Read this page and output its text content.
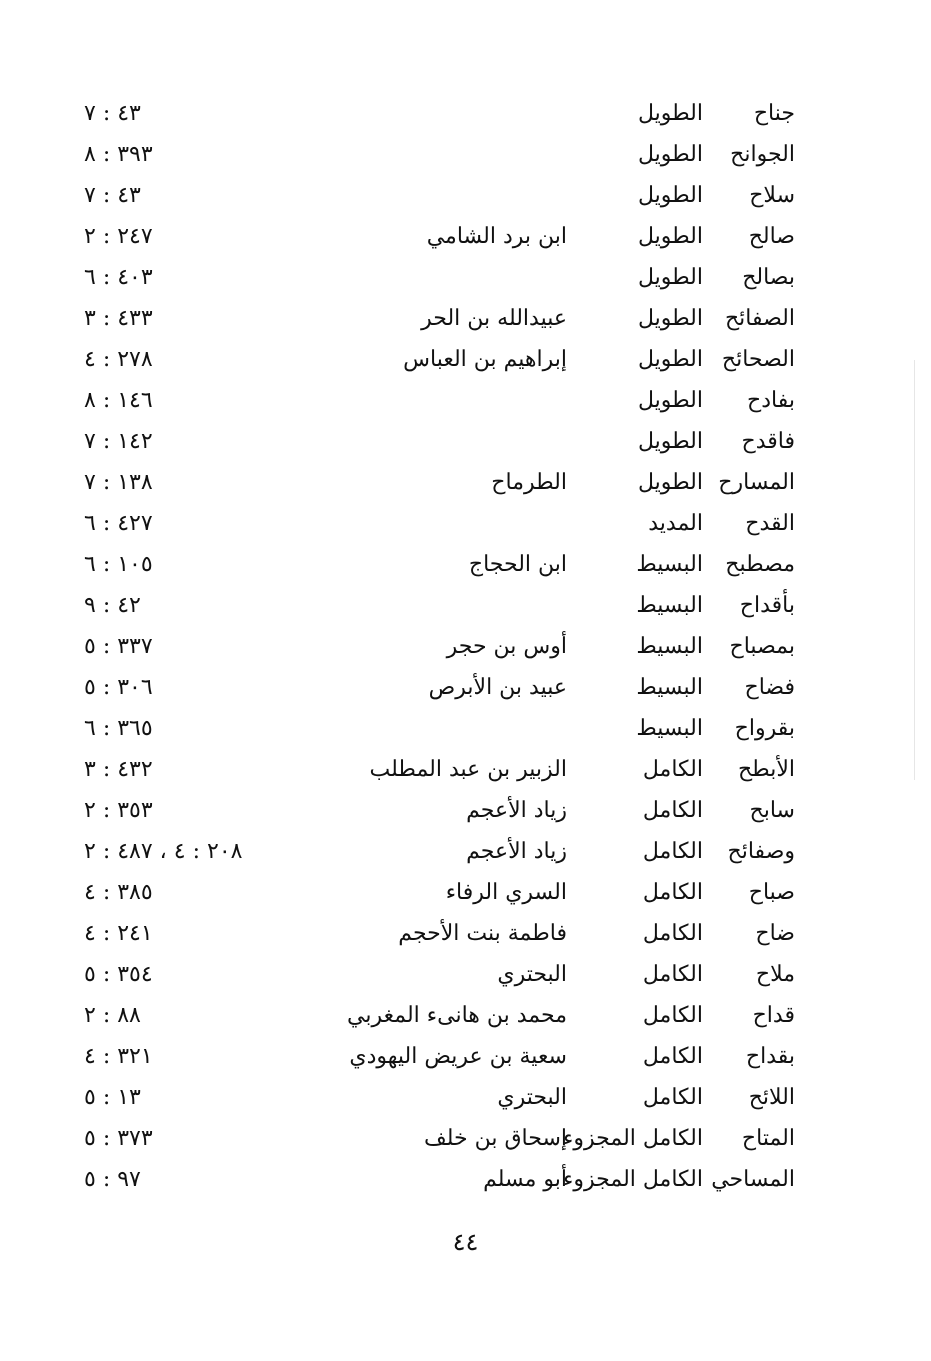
جناح
الطويل
٤٣ : ٧
الجوانح
الطويل
٣٩٣ : ٨
سلاح
الطويل
٤٣ : ٧
صالح
الطويل
ابن برد الشامي
٢٤٧ : ٢
بصالح
الطويل
٤٠٣ : ٦
الصفائح
الطويل
عبيدالله بن الحر
٤٣٣ : ٣
الصحائح
الطويل
إبراهيم بن العباس
٢٧٨ : ٤
بفادح
الطويل
١٤٦ : ٨
فاقدح
الطويل
١٤٢ : ٧
المسارح
الطويل
الطرماح
١٣٨ : ٧
القدح
المديد
٤٢٧ : ٦
مصطبح
البسيط
ابن الحجاج
١٠٥ : ٦
بأقداح
البسيط
٤٢ : ٩
بمصباح
البسيط
أوس بن حجر
٣٣٧ : ٥
فضاح
البسيط
عبيد بن الأبرص
٣٠٦ : ٥
بقرواح
البسيط
٣٦٥ : ٦
الأبطح
الكامل
الزبير بن عبد المطلب
٤٣٢ : ٣
سابح
الكامل
زياد الأعجم
٣٥٣ : ٢
وصفائح
الكامل
زياد الأعجم
٢٠٨ : ٤ ، ٤٨٧ : ٢
صباح
الكامل
السري الرفاء
٣٨٥ : ٤
ضاح
الكامل
فاطمة بنت الأحجم
٢٤١ : ٤
ملاح
الكامل
البحتري
٣٥٤ : ٥
قداح
الكامل
محمد بن هانىء المغربي
٨٨ : ٢
بقداح
الكامل
سعية بن عريض اليهودي
٣٢١ : ٤
اللائح
الكامل
البحتري
١٣ : ٥
المتاح
الكامل المجزوء
إسحاق بن خلف
٣٧٣ : ٥
المساحي
الكامل المجزوء
أبو مسلم
٩٧ : ٥
٤٤
